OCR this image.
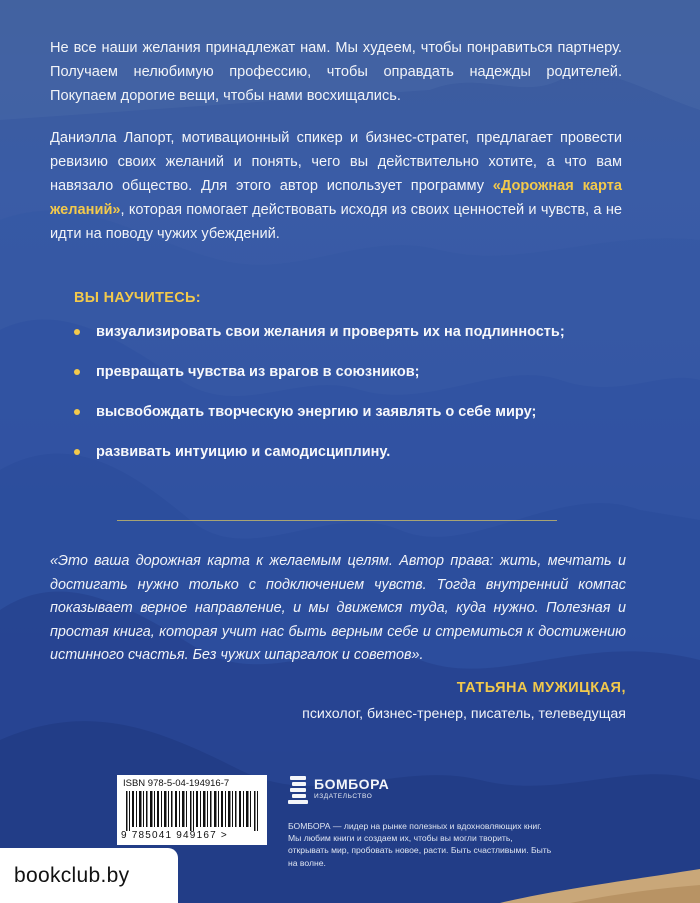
Не все наши желания принадлежат нам. Мы худеем, чтобы понравиться партнеру. Получаем нелюбимую профессию, чтобы оправдать надежды родителей. Покупаем дорогие вещи, чтобы нами восхищались.
Даниэлла Лапорт, мотивационный спикер и бизнес-стратег, предлагает провести ревизию своих желаний и понять, чего вы действительно хотите, а что вам навязало общество. Для этого автор использует программу «Дорожная карта желаний», которая помогает действовать исходя из своих ценностей и чувств, а не идти на поводу чужих убеждений.
ВЫ НАУЧИТЕСЬ:
визуализировать свои желания и проверять их на подлинность;
превращать чувства из врагов в союзников;
высвобождать творческую энергию и заявлять о себе миру;
развивать интуицию и самодисциплину.
«Это ваша дорожная карта к желаемым целям. Автор права: жить, мечтать и достигать нужно только с подключением чувств. Тогда внутренний компас показывает верное направление, и мы движемся туда, куда нужно. Полезная и простая книга, которая учит нас быть верным себе и стремиться к достижению истинного счастья. Без чужих шпаргалок и советов».
ТАТЬЯНА МУЖИЦКАЯ,
психолог, бизнес-тренер, писатель, телеведущая
ISBN 978-5-04-194916-7
9 785041 949167 >
БОМБОРА
ИЗДАТЕЛЬСТВО
БОМБОРА — лидер на рынке полезных и вдохновляющих книг. Мы любим книги и создаем их, чтобы вы могли творить, открывать мир, пробовать новое, расти. Быть счастливыми. Быть на волне.
bookclub.by
